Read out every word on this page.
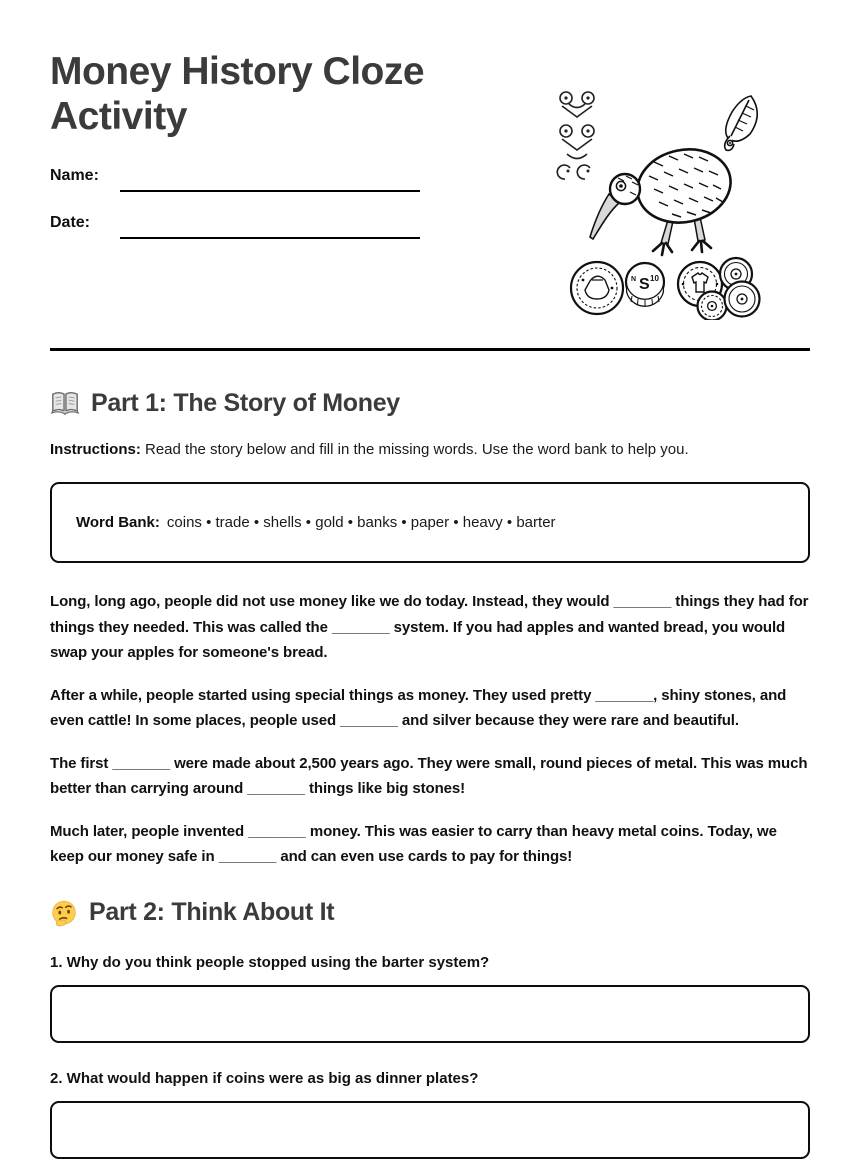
Money History Cloze Activity
Name:
Date:
N S 10
Part 1: The Story of Money
Instructions: Read the story below and fill in the missing words. Use the word bank to help you.
Word Bank: coins • trade • shells • gold • banks • paper • heavy • barter

Long, long ago, people did not use money like we do today. Instead, they would _______ things they had for things they needed. This was called the _______ system. If you had apples and wanted bread, you would swap your apples for someone's bread.

After a while, people started using special things as money. They used pretty _______, shiny stones, and even cattle! In some places, people used _______ and silver because they were rare and beautiful.

The first _______ were made about 2,500 years ago. They were small, round pieces of metal. This was much better than carrying around _______ things like big stones!

Much later, people invented _______ money. This was easier to carry than heavy metal coins. Today, we keep our money safe in _______ and can even use cards to pay for things!

Part 2: Think About It

1. Why do you think people stopped using the barter system?

2. What would happen if coins were as big as dinner plates?
